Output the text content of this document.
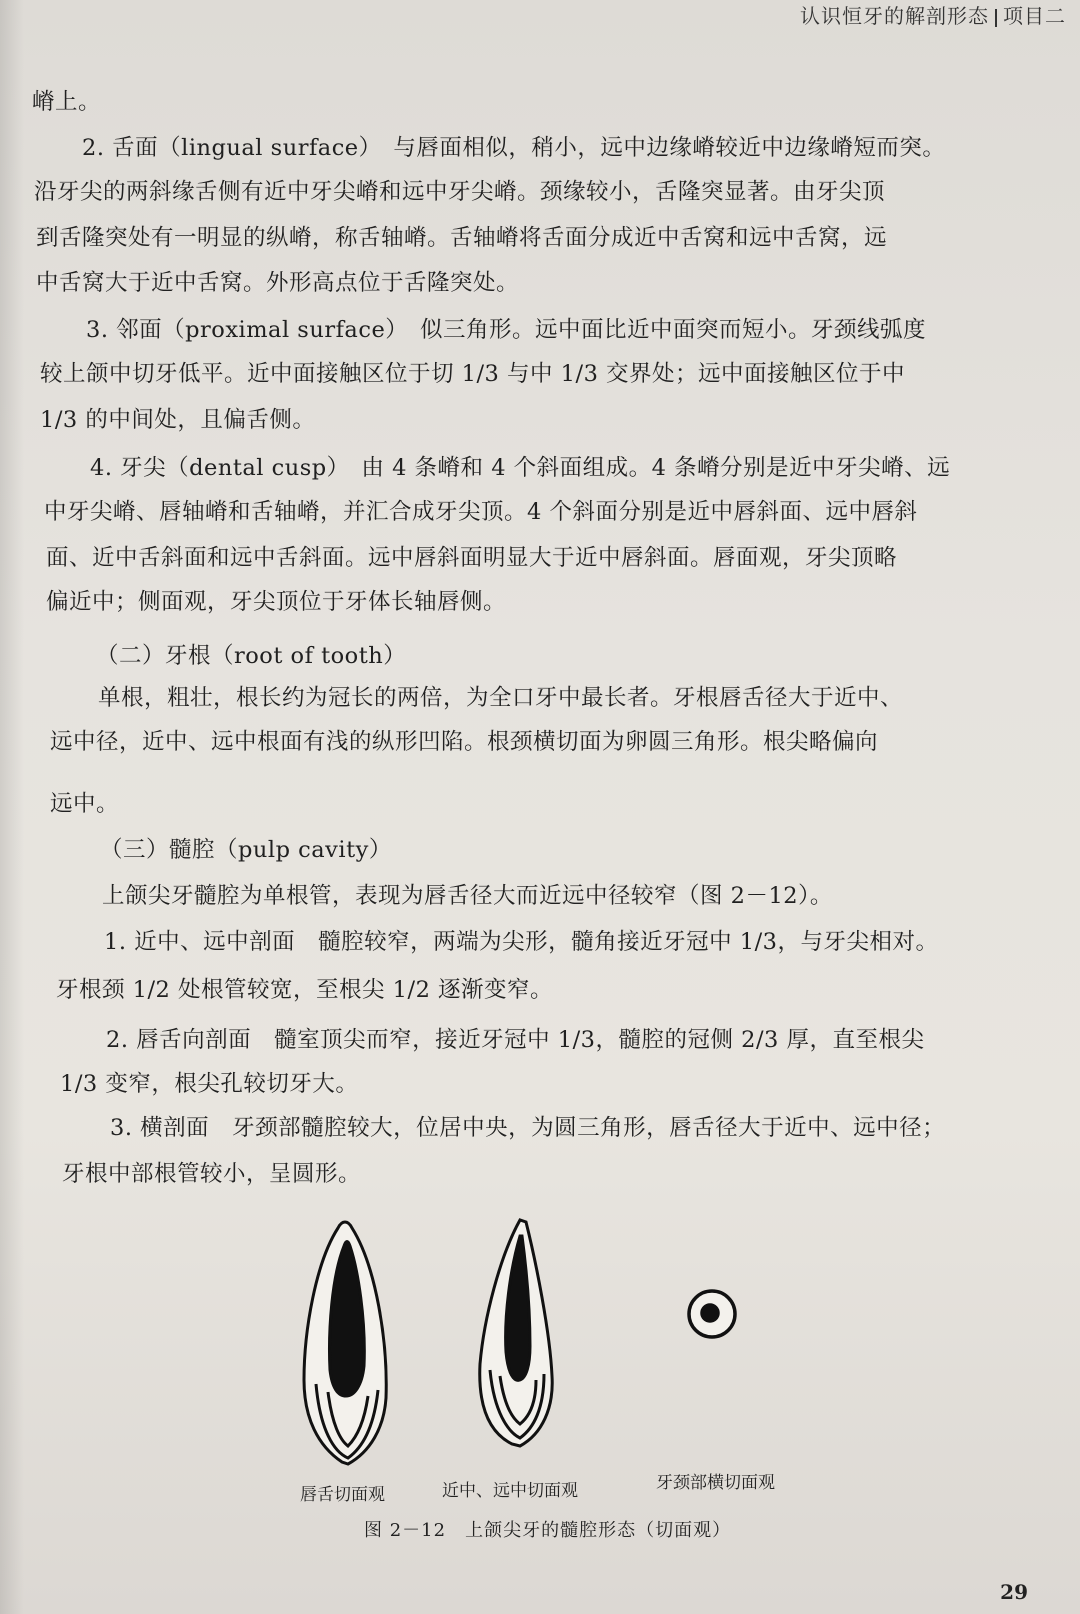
认识恒牙的解剖形态 项目二
嵴上。
2. 舌面（lingual surface）　与唇面相似，稍小，远中边缘嵴较近中边缘嵴短而突。
沿牙尖的两斜缘舌侧有近中牙尖嵴和远中牙尖嵴。颈缘较小，舌隆突显著。由牙尖顶
到舌隆突处有一明显的纵嵴，称舌轴嵴。舌轴嵴将舌面分成近中舌窝和远中舌窝，远
中舌窝大于近中舌窝。外形高点位于舌隆突处。
3. 邻面（proximal surface）　似三角形。远中面比近中面突而短小。牙颈线弧度
较上颌中切牙低平。近中面接触区位于切 1/3 与中 1/3 交界处；远中面接触区位于中
1/3 的中间处，且偏舌侧。
4. 牙尖（dental cusp）　由 4 条嵴和 4 个斜面组成。4 条嵴分别是近中牙尖嵴、远
中牙尖嵴、唇轴嵴和舌轴嵴，并汇合成牙尖顶。4 个斜面分别是近中唇斜面、远中唇斜
面、近中舌斜面和远中舌斜面。远中唇斜面明显大于近中唇斜面。唇面观，牙尖顶略
偏近中；侧面观，牙尖顶位于牙体长轴唇侧。
（二）牙根（root of tooth）
单根，粗壮，根长约为冠长的两倍，为全口牙中最长者。牙根唇舌径大于近中、
远中径，近中、远中根面有浅的纵形凹陷。根颈横切面为卵圆三角形。根尖略偏向
远中。
（三）髓腔（pulp cavity）
上颌尖牙髓腔为单根管，表现为唇舌径大而近远中径较窄（图 2－12）。
1. 近中、远中剖面　髓腔较窄，两端为尖形，髓角接近牙冠中 1/3，与牙尖相对。
牙根颈 1/2 处根管较宽，至根尖 1/2 逐渐变窄。
2. 唇舌向剖面　髓室顶尖而窄，接近牙冠中 1/3，髓腔的冠侧 2/3 厚，直至根尖
1/3 变窄，根尖孔较切牙大。
3. 横剖面　牙颈部髓腔较大，位居中央，为圆三角形，唇舌径大于近中、远中径；
牙根中部根管较小，呈圆形。
唇舌切面观	近中、远中切面观	牙颈部横切面观
图 2－12　上颌尖牙的髓腔形态（切面观）
29
